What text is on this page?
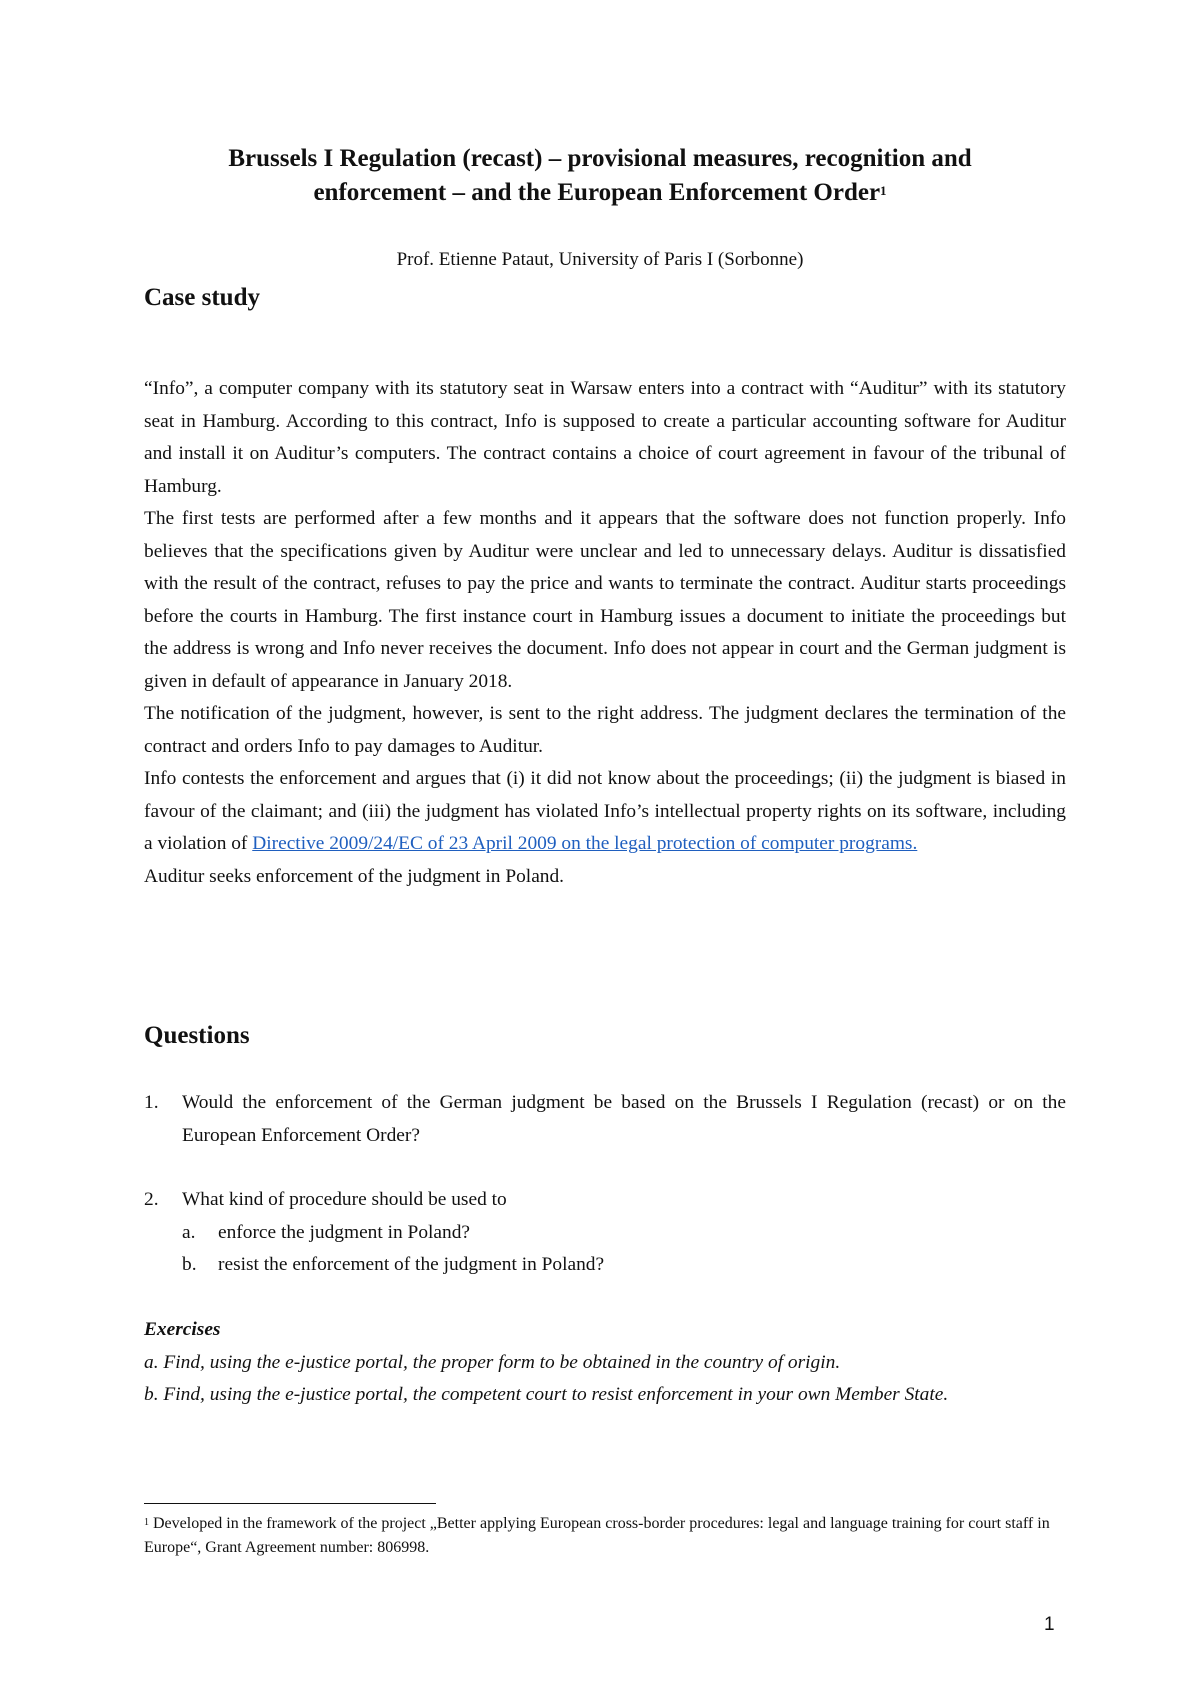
Brussels I Regulation (recast) – provisional measures, recognition and
enforcement – and the European Enforcement Order$^1$
Prof. Etienne Pataut, University of Paris I (Sorbonne)
Case study

“Info”, a computer company with its statutory seat in Warsaw enters into a contract with “Auditur” with its statutory seat in Hamburg. According to this contract, Info is supposed to create a particular accounting software for Auditur and install it on Auditur’s computers. The contract contains a choice of court agreement in favour of the tribunal of Hamburg.

The first tests are performed after a few months and it appears that the software does not function properly. Info believes that the specifications given by Auditur were unclear and led to unnecessary delays. Auditur is dissatisfied with the result of the contract, refuses to pay the price and wants to terminate the contract. Auditur starts proceedings before the courts in Hamburg. The first instance court in Hamburg issues a document to initiate the proceedings but the address is wrong and Info never receives the document. Info does not appear in court and the German judgment is given in default of appearance in January 2018.

The notification of the judgment, however, is sent to the right address. The judgment declares the termination of the contract and orders Info to pay damages to Auditur.

Info contests the enforcement and argues that (i) it did not know about the proceedings; (ii) the judgment is biased in favour of the claimant; and (iii) the judgment has violated Info’s intellectual property rights on its software, including a violation of Directive 2009/24/EC of 23 April 2009 on the legal protection of computer programs.

Auditur seeks enforcement of the judgment in Poland.

Questions
1. Would the enforcement of the German judgment be based on the Brussels I Regulation (recast) or on the European Enforcement Order?
2. What kind of procedure should be used to
a. enforce the judgment in Poland?
b. resist the enforcement of the judgment in Poland?

Exercises

a. Find, using the e-justice portal, the proper form to be obtained in the country of origin.

b. Find, using the e-justice portal, the competent court to resist enforcement in your own Member State.

$^1$ Developed in the framework of the project „Better applying European cross-border procedures: legal and language training for court staff in Europe“, Grant Agreement number: 806998.
1
